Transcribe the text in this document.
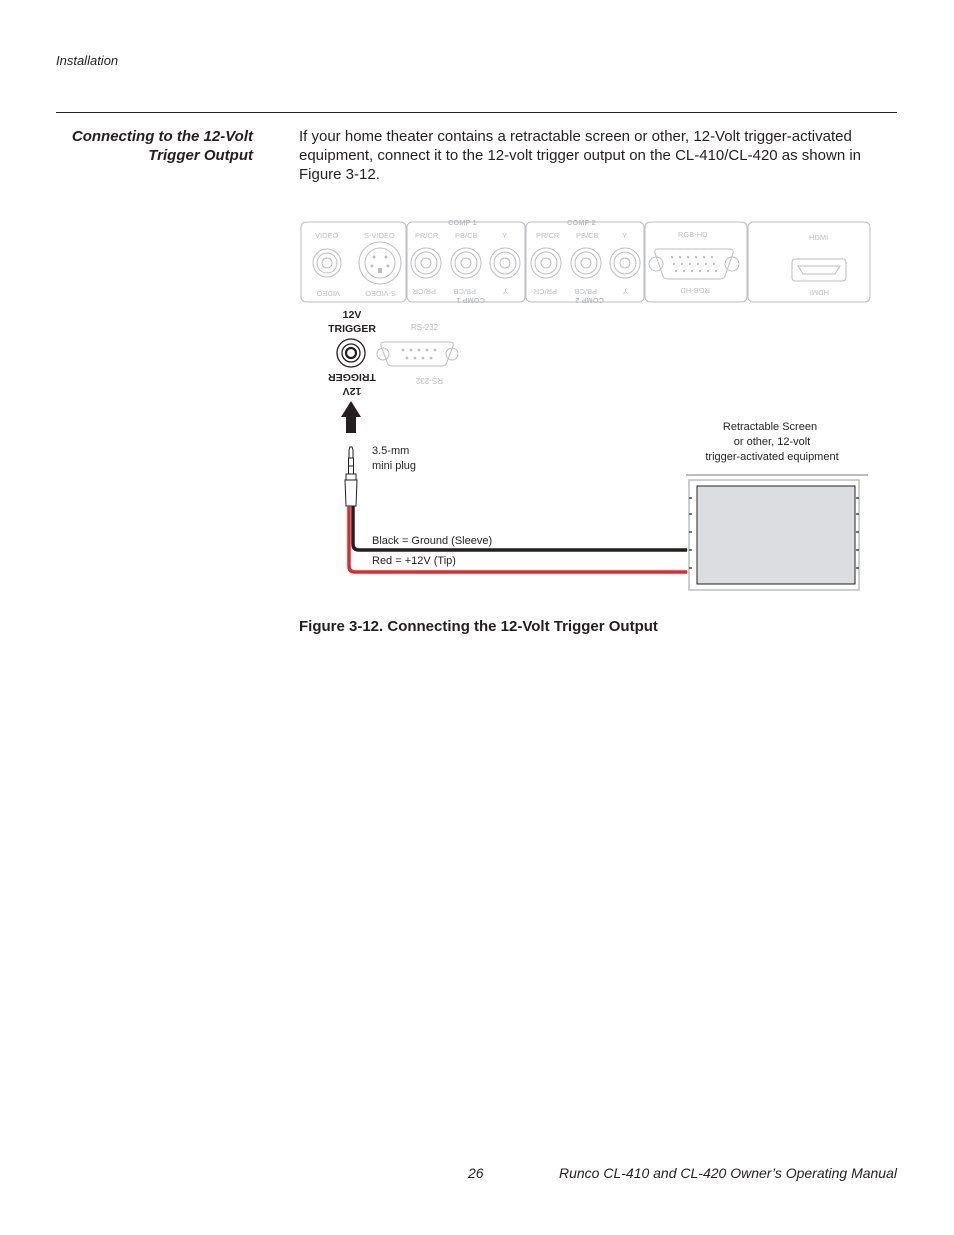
Installation
Connecting to the 12-Volt
Trigger Output
If your home theater contains a retractable screen or other, 12-Volt trigger-activated equipment, connect it to the 12-volt trigger output on the CL-410/CL-420 as shown in Figure 3-12.
VIDEO
VIDEO
S-VIDEO
S-VIDEO
PR/CR PB/CB	Y
PR/CR PB/CB	Y
PR/CR PB/CB	Y
PR/CR PB/CB	Y
RGB-HD
RGB-HD
HDMI
HDMI
COMP 1
COMP 1
COMP 2
COMP 2
RS-232
RS-232
12V
TRIGGER
TRIGGER
12V
3.5-mm
mini plug
Black = Ground (Sleeve)
Red = +12V (Tip)
Retractable Screen
or other, 12-volt
trigger-activated equipment
Figure 3-12. Connecting the 12-Volt Trigger Output
26	Runco CL-410 and CL-420 Owner’s Operating Manual
